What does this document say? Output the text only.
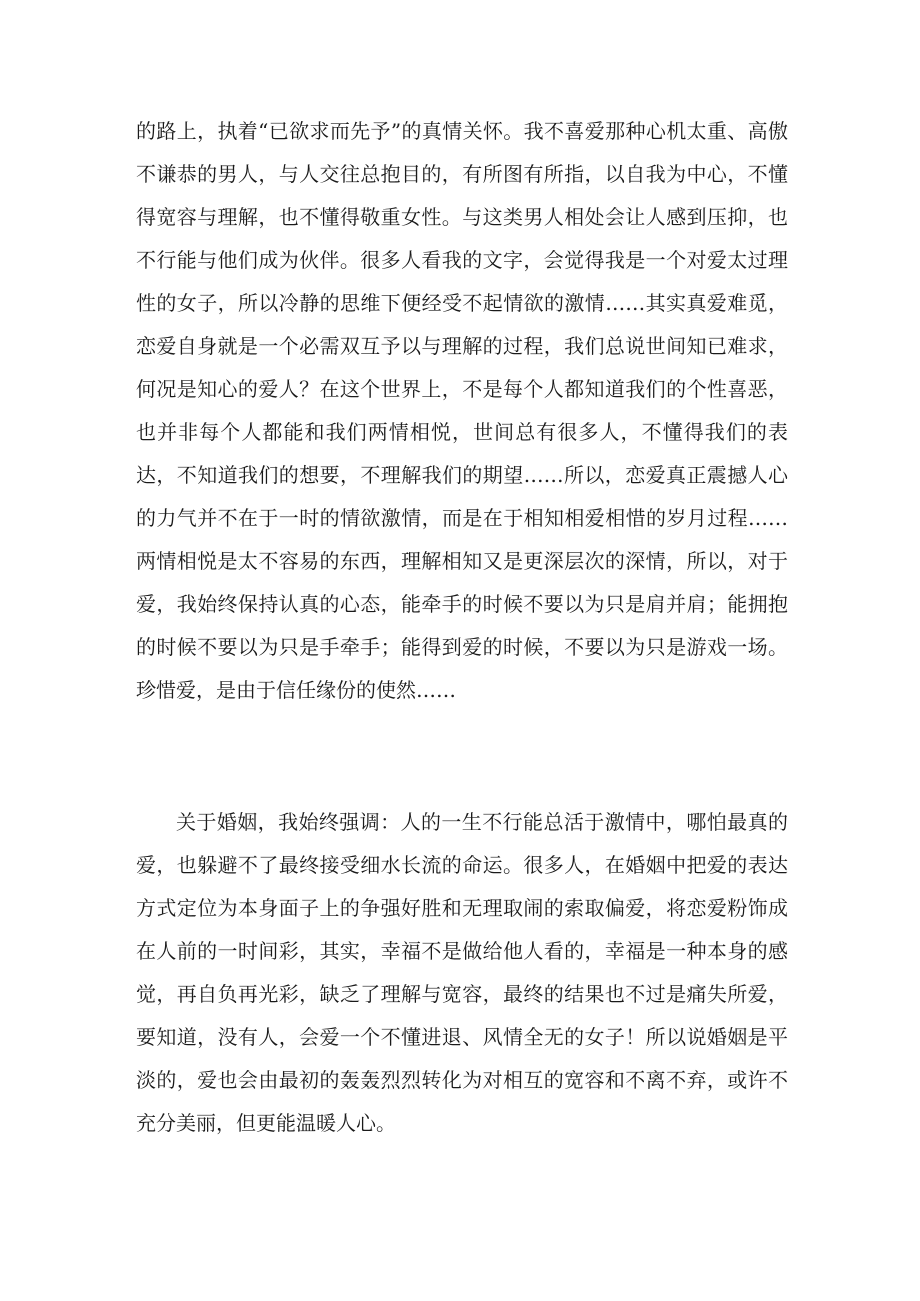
的路上，执着“已欲求而先予”的真情关怀。我不喜爱那种心机太重、高傲不谦恭的男人，与人交往总抱目的，有所图有所指，以自我为中心，不懂得宽容与理解，也不懂得敬重女性。与这类男人相处会让人感到压抑，也不行能与他们成为伙伴。很多人看我的文字，会觉得我是一个对爱太过理性的女子，所以冷静的思维下便经受不起情欲的激情……其实真爱难觅，恋爱自身就是一个必需双互予以与理解的过程，我们总说世间知已难求，何况是知心的爱人？在这个世界上，不是每个人都知道我们的个性喜恶，也并非每个人都能和我们两情相悦，世间总有很多人，不懂得我们的表达，不知道我们的想要，不理解我们的期望……所以，恋爱真正震撼人心的力气并不在于一时的情欲激情，而是在于相知相爱相惜的岁月过程……两情相悦是太不容易的东西，理解相知又是更深层次的深情，所以，对于爱，我始终保持认真的心态，能牵手的时候不要以为只是肩并肩；能拥抱的时候不要以为只是手牵手；能得到爱的时候，不要以为只是游戏一场。珍惜爱，是由于信任缘份的使然……

关于婚姻，我始终强调：人的一生不行能总活于激情中，哪怕最真的爱，也躲避不了最终接受细水长流的命运。很多人，在婚姻中把爱的表达方式定位为本身面子上的争强好胜和无理取闹的索取偏爱，将恋爱粉饰成在人前的一时间彩，其实，幸福不是做给他人看的，幸福是一种本身的感觉，再自负再光彩，缺乏了理解与宽容，最终的结果也不过是痛失所爱，要知道，没有人，会爱一个不懂进退、风情全无的女子！所以说婚姻是平淡的，爱也会由最初的轰轰烈烈转化为对相互的宽容和不离不弃，或许不充分美丽，但更能温暖人心。
